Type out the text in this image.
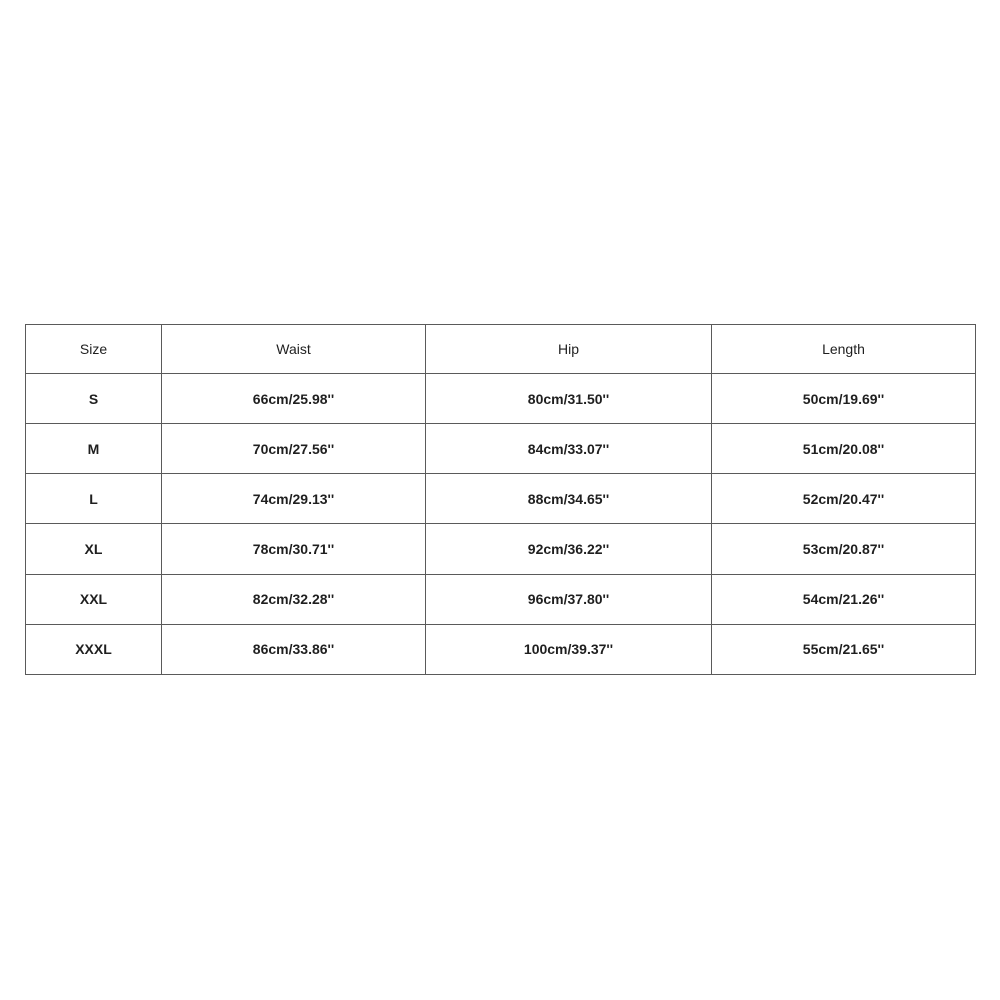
Size	Waist	Hip	Length
S	66cm/25.98''	80cm/31.50''	50cm/19.69''
M	70cm/27.56''	84cm/33.07''	51cm/20.08''
L	74cm/29.13''	88cm/34.65''	52cm/20.47''
XL	78cm/30.71''	92cm/36.22''	53cm/20.87''
XXL	82cm/32.28''	96cm/37.80''	54cm/21.26''
XXXL	86cm/33.86''	100cm/39.37''	55cm/21.65''
